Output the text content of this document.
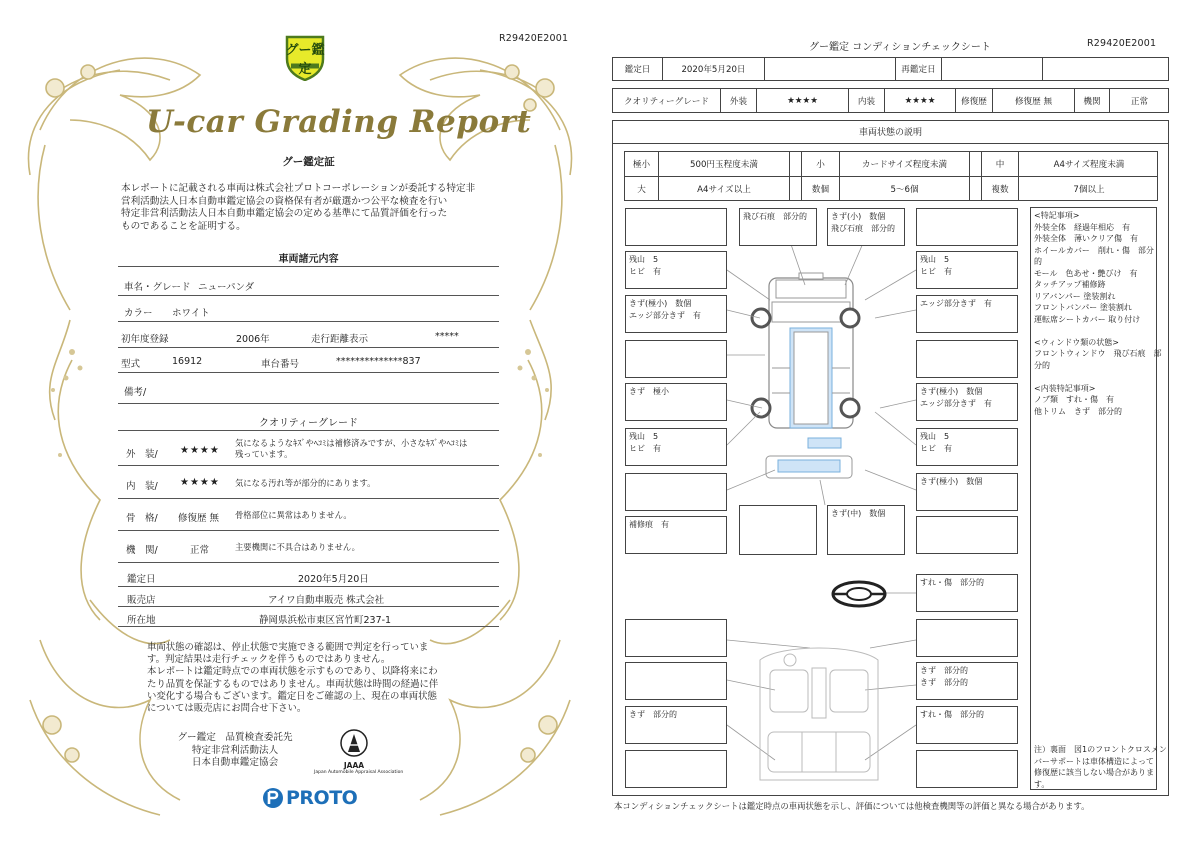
R29420E2001
グー鑑定
U-car Grading Report
グー鑑定証
本レポートに記載される車両は株式会社プロトコーポレーションが委託する特定非
営利活動法人日本自動車鑑定協会の資格保有者が厳選かつ公平な検査を行い
特定非営利活動法人日本自動車鑑定協会の定める基準にて品質評価を行った
ものであることを証明する。
車両諸元内容
車名・グレード ニューパンダ
カラー ホワイト
初年度登録	2006年	走行距離表示	*****
型式	16912	車台番号	**************837
備考/
クオリティーグレード
外　装/ ★★★★
気になるようなｷｽﾞやﾍｺﾐは補修済みですが、小さなｷｽﾞやﾍｺﾐは
残っています。
内　装/ ★★★★ 気になる汚れ等が部分的にあります。
骨　格/ 修復歴 無 骨格部位に異常はありません。
機　関/	正常	主要機関に不具合はありません。
鑑定日	2020年5月20日
販売店	アイワ自動車販売 株式会社
所在地	静岡県浜松市東区宮竹町237-1
車両状態の確認は、停止状態で実施できる範囲で判定を行っていま
す。判定結果は走行チェックを伴うものではありません。
本レポートは鑑定時点での車両状態を示すものであり、以降将来にわ
たり品質を保証するものではありません。車両状態は時間の経過に伴
い変化する場合もございます。鑑定日をご確認の上、現在の車両状態
については販売店にお問合せ下さい。
グー鑑定　品質検査委託先
特定非営利活動法人
日本自動車鑑定協会	JAAA
Japan Automobile Appraisal Association
PROTO
グー鑑定 コンディションチェックシート	R29420E2001
鑑定日	2020年5月20日	再鑑定日
クオリティーグレード	外装	★★★★	内装	★★★★	修復歴	修復歴 無	機関	正常
車両状態の説明
極小	500円玉程度未満	小	カードサイズ程度未満	中	A4サイズ程度未満
大	A4サイズ以上	数個	5〜6個	複数	7個以上
残山　5
ヒビ　有
きず(極小)　数個
エッジ部分きず　有
きず　極小
残山　5
ヒビ　有
補修痕　有
きず　部分的
飛び石痕　部分的	きず(小)　数個
飛び石痕　部分的
きず(中)　数個
残山　5
ヒビ　有
エッジ部分きず　有
きず(極小)　数個
エッジ部分きず　有
残山　5
ヒビ　有
きず(極小)　数個
すれ・傷　部分的
きず　部分的
きず　部分的
すれ・傷　部分的
<特記事項>
外装全体　経過年相応　有
外装全体　薄いクリア傷　有
ホイールカバー　削れ・傷　部分
的
モール　色あせ・艶びけ　有
タッチアップ補修跡
リアバンパー 塗装割れ
フロントバンパー 塗装割れ
運転席シートカバー 取り付け
<ウィンドウ類の状態>
フロントウィンドウ　飛び石痕　部
分的
<内装特記事項>
ノブ類　すれ・傷　有
他トリム　きず　部分的
注）裏面　図1のフロントクロスメン
バーサポートは車体構造によって
修復歴に該当しない場合がありま
す。
本コンディションチェックシートは鑑定時点の車両状態を示し、評価については他検査機関等の評価と異なる場合があります。
